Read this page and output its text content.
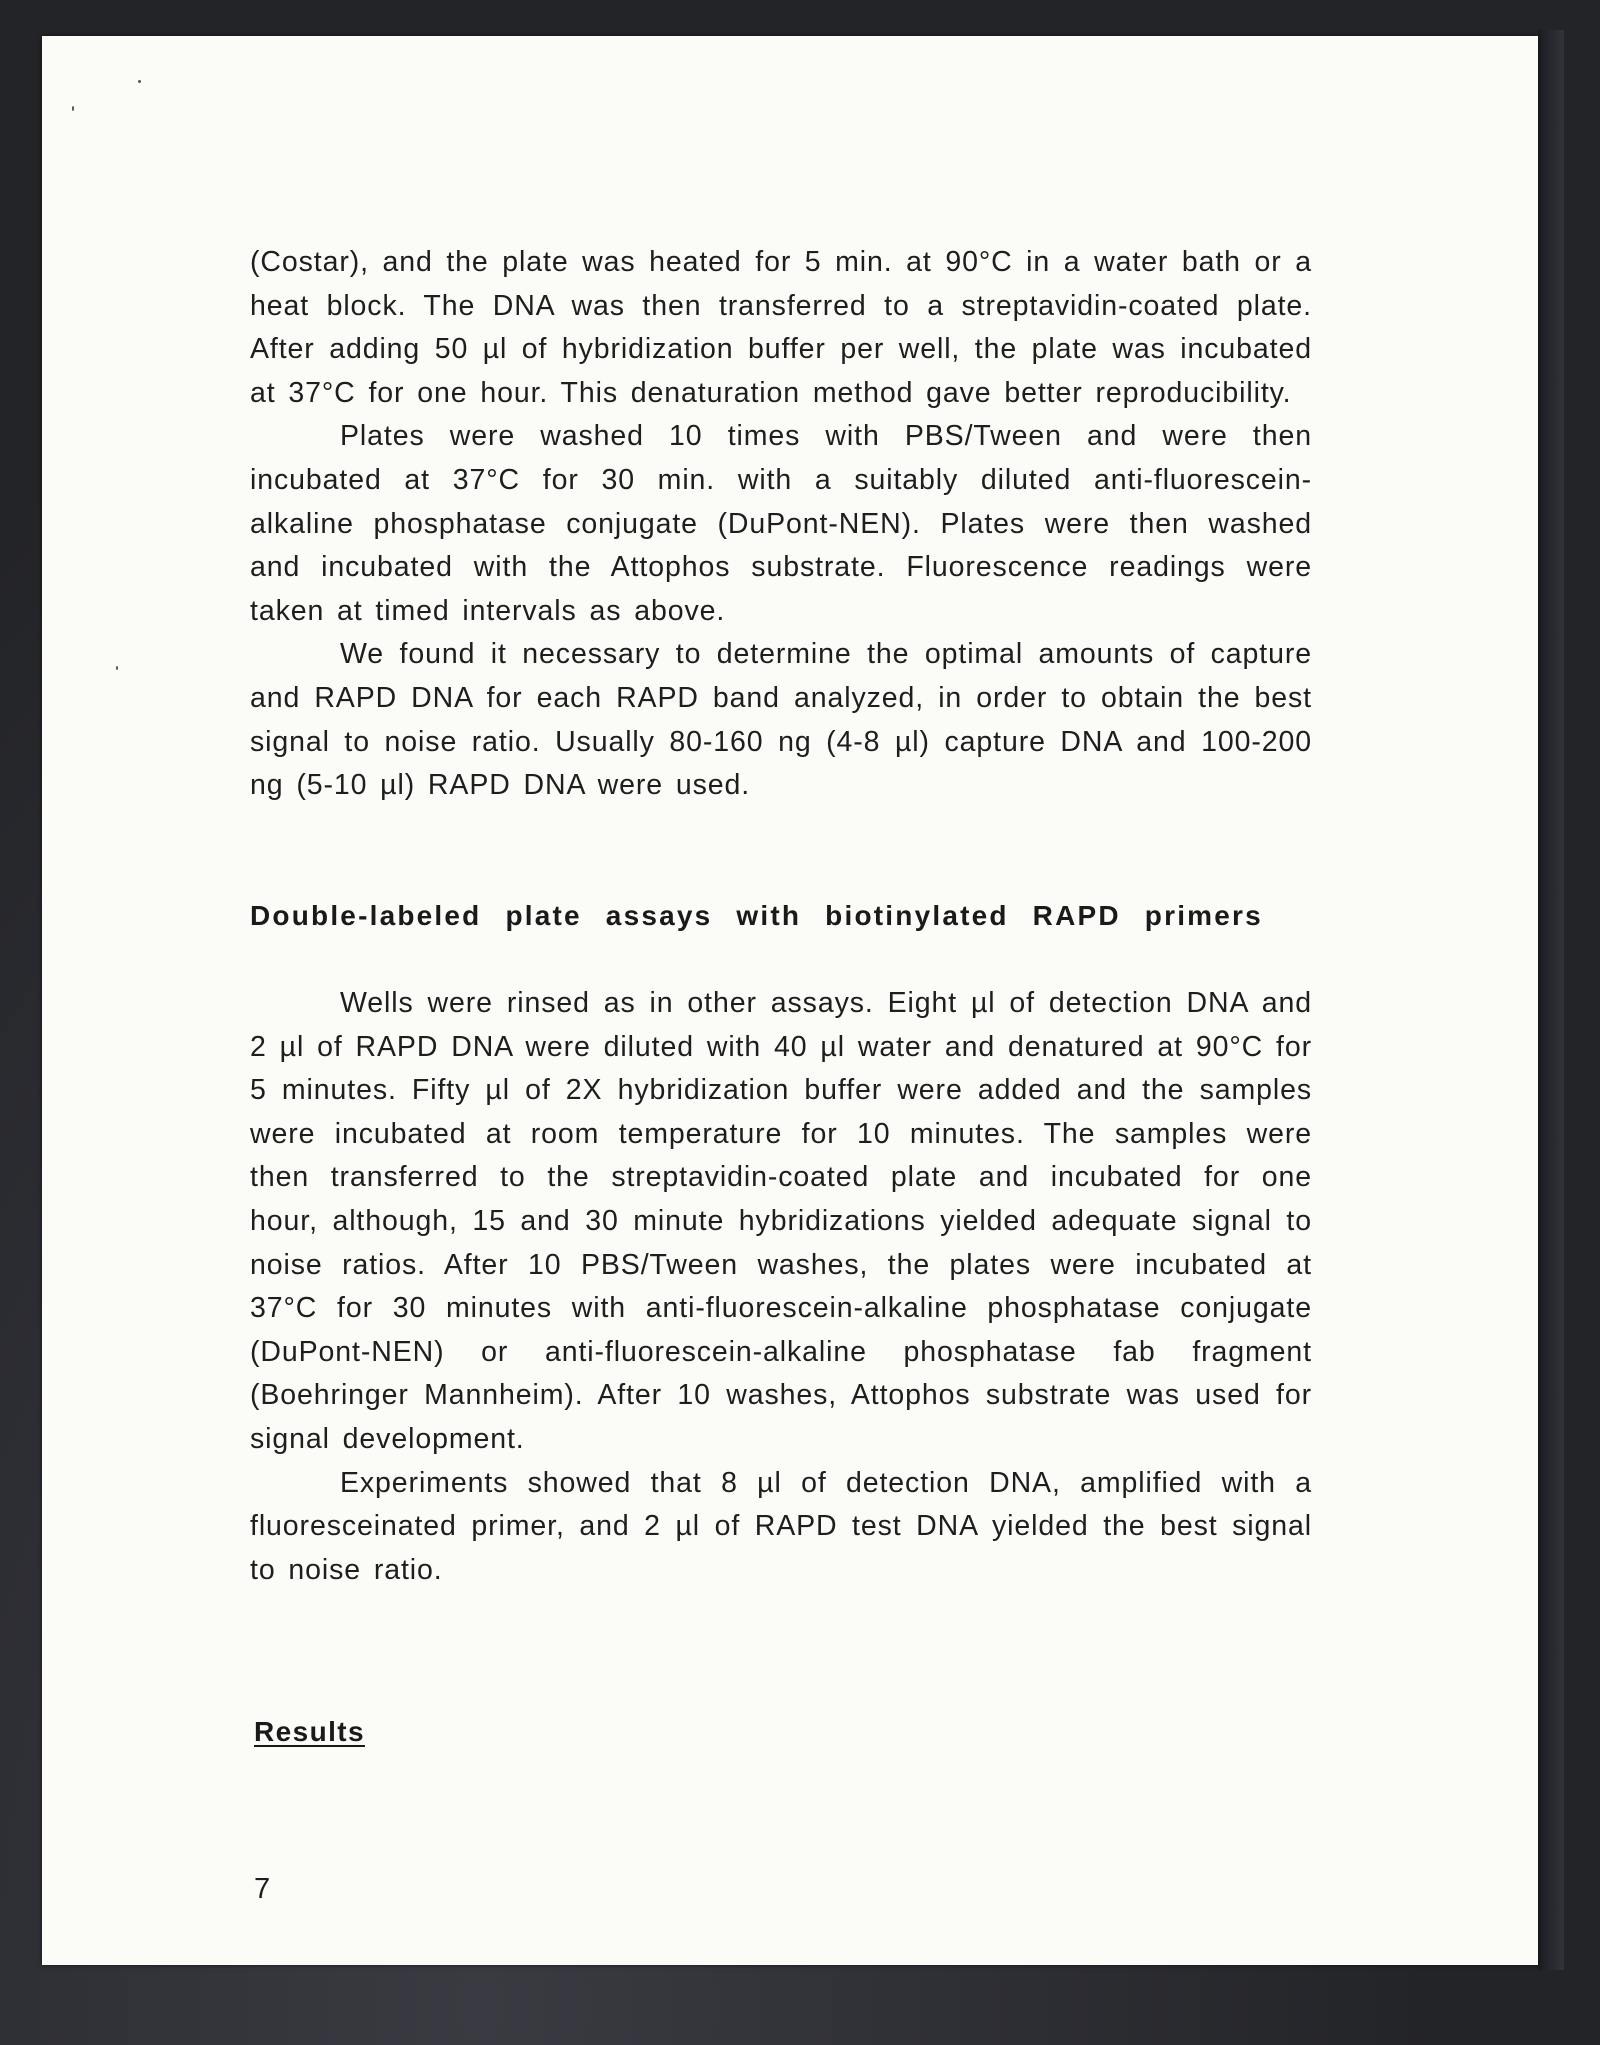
(Costar), and the plate was heated for 5 min. at 90°C in a water bath or a heat block. The DNA was then transferred to a streptavidin-coated plate. After adding 50 µl of hybridization buffer per well, the plate was incubated at 37°C for one hour. This denaturation method gave better reproducibility.

Plates were washed 10 times with PBS/Tween and were then incubated at 37°C for 30 min. with a suitably diluted anti-fluorescein-alkaline phosphatase conjugate (DuPont-NEN). Plates were then washed and incubated with the Attophos substrate. Fluorescence readings were taken at timed intervals as above.

We found it necessary to determine the optimal amounts of capture and RAPD DNA for each RAPD band analyzed, in order to obtain the best signal to noise ratio. Usually 80-160 ng (4-8 µl) capture DNA and 100-200 ng (5-10 µl) RAPD DNA were used.

Double-labeled plate assays with biotinylated RAPD primers

Wells were rinsed as in other assays. Eight µl of detection DNA and 2 µl of RAPD DNA were diluted with 40 µl water and denatured at 90°C for 5 minutes. Fifty µl of 2X hybridization buffer were added and the samples were incubated at room temperature for 10 minutes. The samples were then transferred to the streptavidin-coated plate and incubated for one hour, although, 15 and 30 minute hybridizations yielded adequate signal to noise ratios. After 10 PBS/Tween washes, the plates were incubated at 37°C for 30 minutes with anti-fluorescein-alkaline phosphatase conjugate (DuPont-NEN) or anti-fluorescein-alkaline phosphatase fab fragment (Boehringer Mannheim). After 10 washes, Attophos substrate was used for signal development.

Experiments showed that 8 µl of detection DNA, amplified with a fluoresceinated primer, and 2 µl of RAPD test DNA yielded the best signal to noise ratio.

Results

7
